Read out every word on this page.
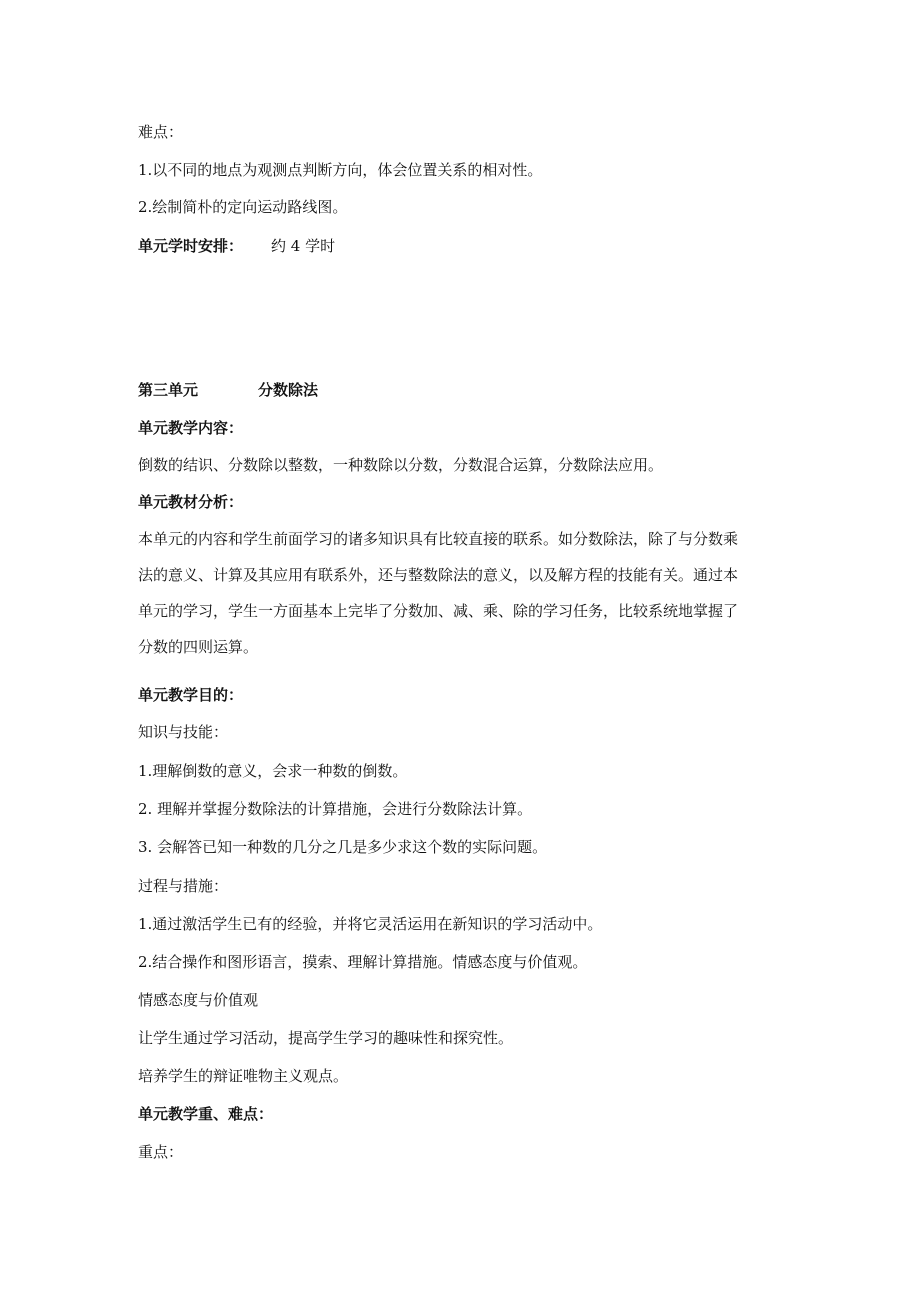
难点：
1.以不同的地点为观测点判断方向，体会位置关系的相对性。
2.绘制简朴的定向运动路线图。
单元学时安排： 约 4 学时
第三单元	分数除法
单元教学内容：
倒数的结识、分数除以整数，一种数除以分数，分数混合运算，分数除法应用。
单元教材分析：
本单元的内容和学生前面学习的诸多知识具有比较直接的联系。如分数除法，除了与分数乘
法的意义、计算及其应用有联系外，还与整数除法的意义，以及解方程的技能有关。通过本
单元的学习，学生一方面基本上完毕了分数加、减、乘、除的学习任务，比较系统地掌握了
分数的四则运算。
单元教学目的：
知识与技能：
1.理解倒数的意义，会求一种数的倒数。
2. 理解并掌握分数除法的计算措施，会进行分数除法计算。
3. 会解答已知一种数的几分之几是多少求这个数的实际问题。
过程与措施：
1.通过激活学生已有的经验，并将它灵活运用在新知识的学习活动中。
2.结合操作和图形语言，摸索、理解计算措施。情感态度与价值观。
情感态度与价值观
让学生通过学习活动，提高学生学习的趣味性和探究性。
培养学生的辩证唯物主义观点。
单元教学重、难点：
重点：
